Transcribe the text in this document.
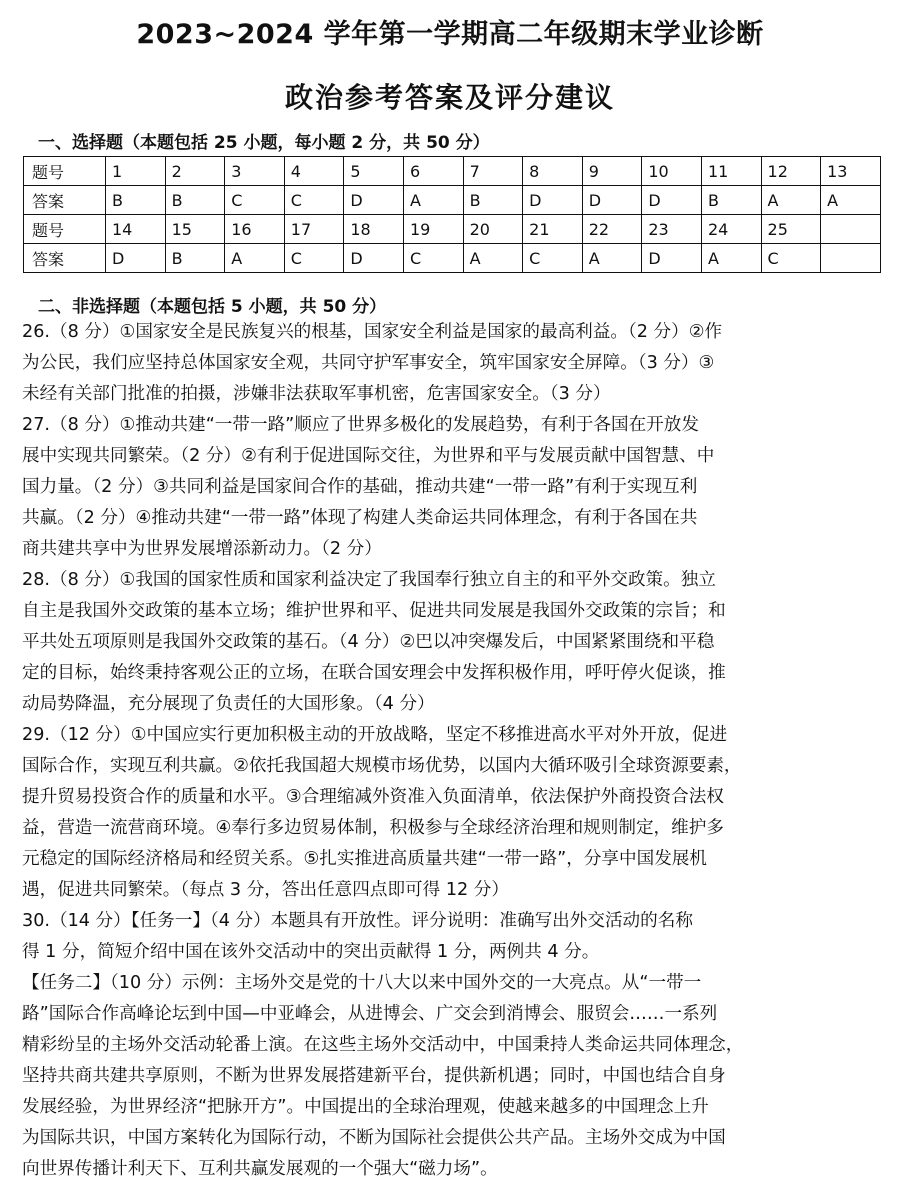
2023~2024 学年第一学期高二年级期末学业诊断
政治参考答案及评分建议
一、选择题（本题包括 25 小题，每小题 2 分，共 50 分）
题号	1	2	3	4	5	6	7	8	9	10	11	12	13
答案	B	B	C	C	D	A	B	D	D	D	B	A	A
题号	14	15	16	17	18	19	20	21	22	23	24	25	
答案	D	B	A	C	D	C	A	C	A	D	A	C	
二、非选择题（本题包括 5 小题，共 50 分）

26.（8 分）①国家安全是民族复兴的根基，国家安全利益是国家的最高利益。（2 分）②作

为公民，我们应坚持总体国家安全观，共同守护军事安全，筑牢国家安全屏障。（3 分）③

未经有关部门批准的拍摄，涉嫌非法获取军事机密，危害国家安全。（3 分）

27.（8 分）①推动共建“一带一路”顺应了世界多极化的发展趋势，有利于各国在开放发

展中实现共同繁荣。（2 分）②有利于促进国际交往，为世界和平与发展贡献中国智慧、中

国力量。（2 分）③共同利益是国家间合作的基础，推动共建“一带一路”有利于实现互利

共赢。（2 分）④推动共建“一带一路”体现了构建人类命运共同体理念，有利于各国在共

商共建共享中为世界发展增添新动力。（2 分）

28.（8 分）①我国的国家性质和国家利益决定了我国奉行独立自主的和平外交政策。独立

自主是我国外交政策的基本立场；维护世界和平、促进共同发展是我国外交政策的宗旨；和

平共处五项原则是我国外交政策的基石。（4 分）②巴以冲突爆发后，中国紧紧围绕和平稳

定的目标，始终秉持客观公正的立场，在联合国安理会中发挥积极作用，呼吁停火促谈，推

动局势降温，充分展现了负责任的大国形象。（4 分）

29.（12 分）①中国应实行更加积极主动的开放战略，坚定不移推进高水平对外开放，促进

国际合作，实现互利共赢。②依托我国超大规模市场优势，以国内大循环吸引全球资源要素，

提升贸易投资合作的质量和水平。③合理缩减外资准入负面清单，依法保护外商投资合法权

益，营造一流营商环境。④奉行多边贸易体制，积极参与全球经济治理和规则制定，维护多

元稳定的国际经济格局和经贸关系。⑤扎实推进高质量共建“一带一路”，分享中国发展机

遇，促进共同繁荣。（每点 3 分，答出任意四点即可得 12 分）

30.（14 分）【任务一】（4 分）本题具有开放性。评分说明：准确写出外交活动的名称

得 1 分，简短介绍中国在该外交活动中的突出贡献得 1 分，两例共 4 分。

【任务二】（10 分）示例：主场外交是党的十八大以来中国外交的一大亮点。从“一带一

路”国际合作高峰论坛到中国—中亚峰会，从进博会、广交会到消博会、服贸会……一系列

精彩纷呈的主场外交活动轮番上演。在这些主场外交活动中，中国秉持人类命运共同体理念，

坚持共商共建共享原则，不断为世界发展搭建新平台，提供新机遇；同时，中国也结合自身

发展经验，为世界经济“把脉开方”。中国提出的全球治理观，使越来越多的中国理念上升

为国际共识，中国方案转化为国际行动，不断为国际社会提供公共产品。主场外交成为中国

向世界传播计利天下、互利共赢发展观的一个强大“磁力场”。
